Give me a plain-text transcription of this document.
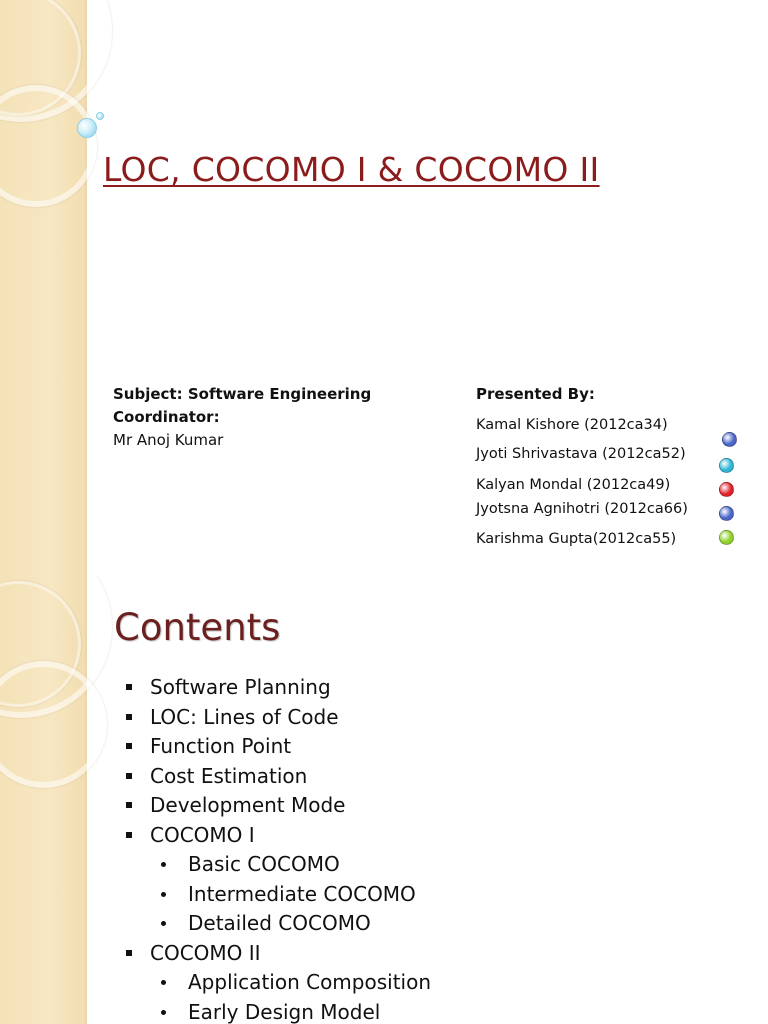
LOC, COCOMO I & COCOMO II
Subject: Software Engineering
Coordinator:
Mr Anoj Kumar
Presented By:
Kamal Kishore (2012ca34)
Jyoti Shrivastava (2012ca52)
Kalyan Mondal (2012ca49)
Jyotsna Agnihotri (2012ca66)
Karishma Gupta(2012ca55)
Contents
Software Planning
LOC: Lines of Code
Function Point
Cost Estimation
Development Mode
COCOMO I
Basic COCOMO
Intermediate COCOMO
Detailed COCOMO
COCOMO II
Application Composition
Early Design Model
